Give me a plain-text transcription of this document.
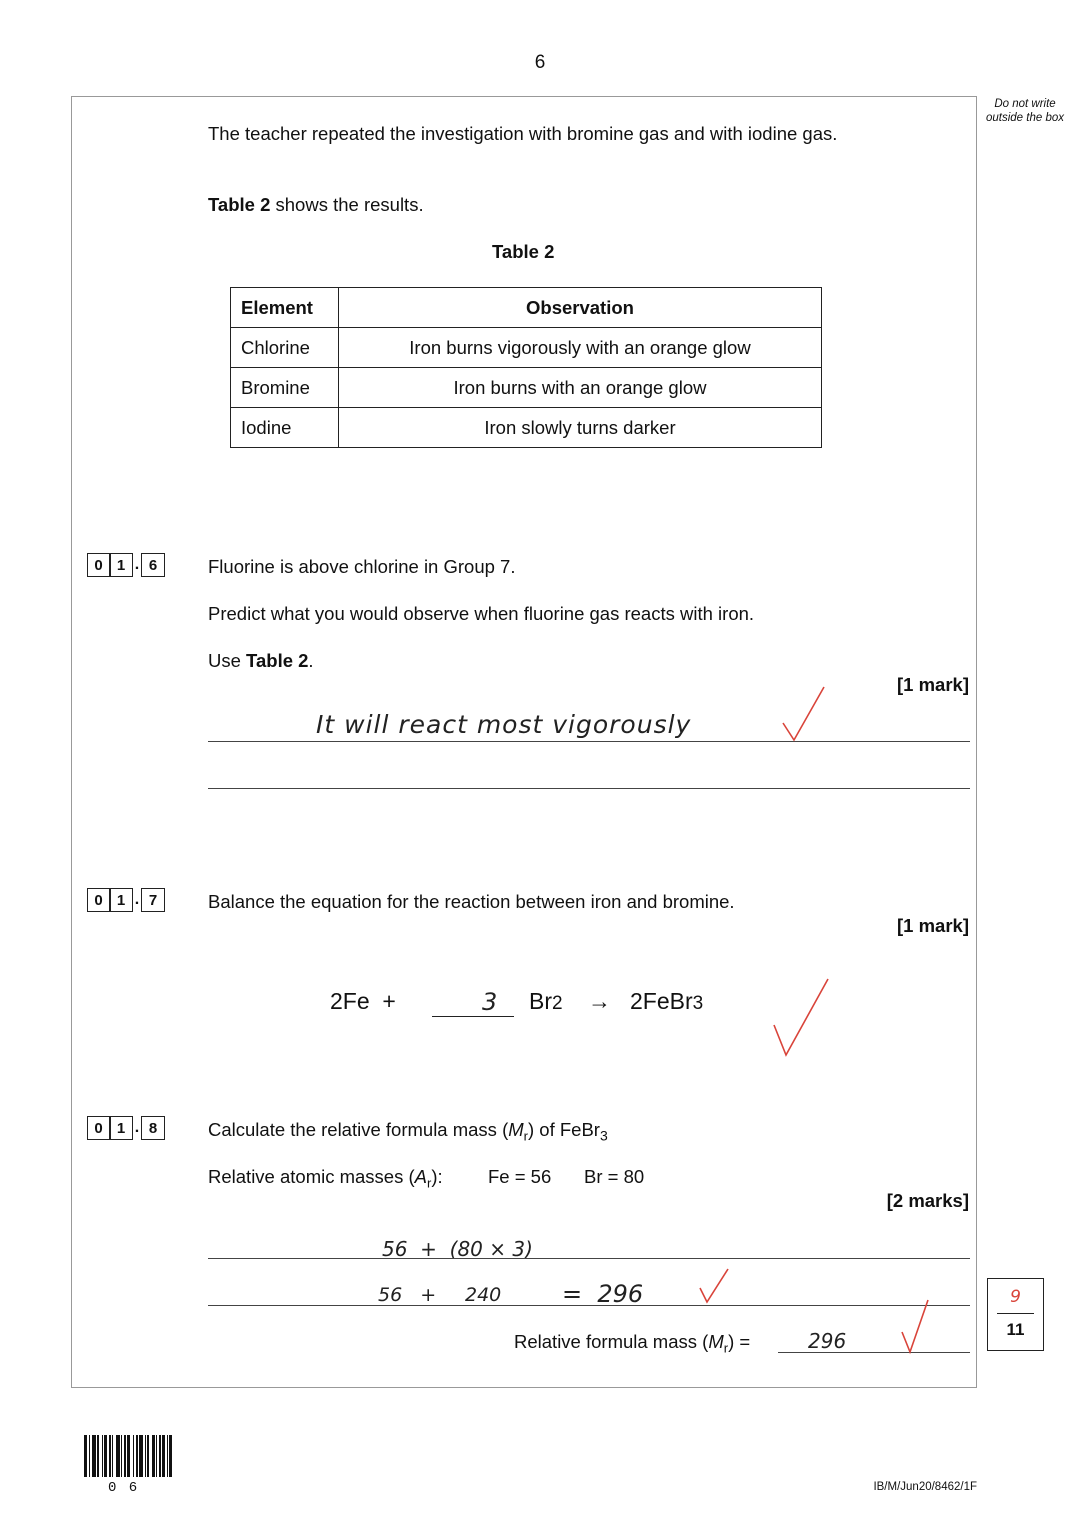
6
Do not write outside the box
The teacher repeated the investigation with bromine gas and with iodine gas.
Table 2 shows the results.
Table 2
Element	Observation
Chlorine	Iron burns vigorously with an orange glow
Bromine	Iron burns with an orange glow
Iodine	Iron slowly turns darker
0 1 . 6	Fluorine is above chlorine in Group 7.
Predict what you would observe when fluorine gas reacts with iron.
Use Table 2.
[1 mark]
It will react most vigorously
0 1 . 7	Balance the equation for the reaction between iron and bromine.
[1 mark]
2Fe  +	3 Br2 → 2FeBr3
0 1 . 8	Calculate the relative formula mass $(M_r)$ of FeBr$_3$
Relative atomic masses $(A_r)$: Fe = 56 Br = 80
[2 marks]
56  +  (80 × 3)
56   + 240	=  296
Relative formula mass $(M_r)$ =	296
9
11
0 6	IB/M/Jun20/8462/1F
